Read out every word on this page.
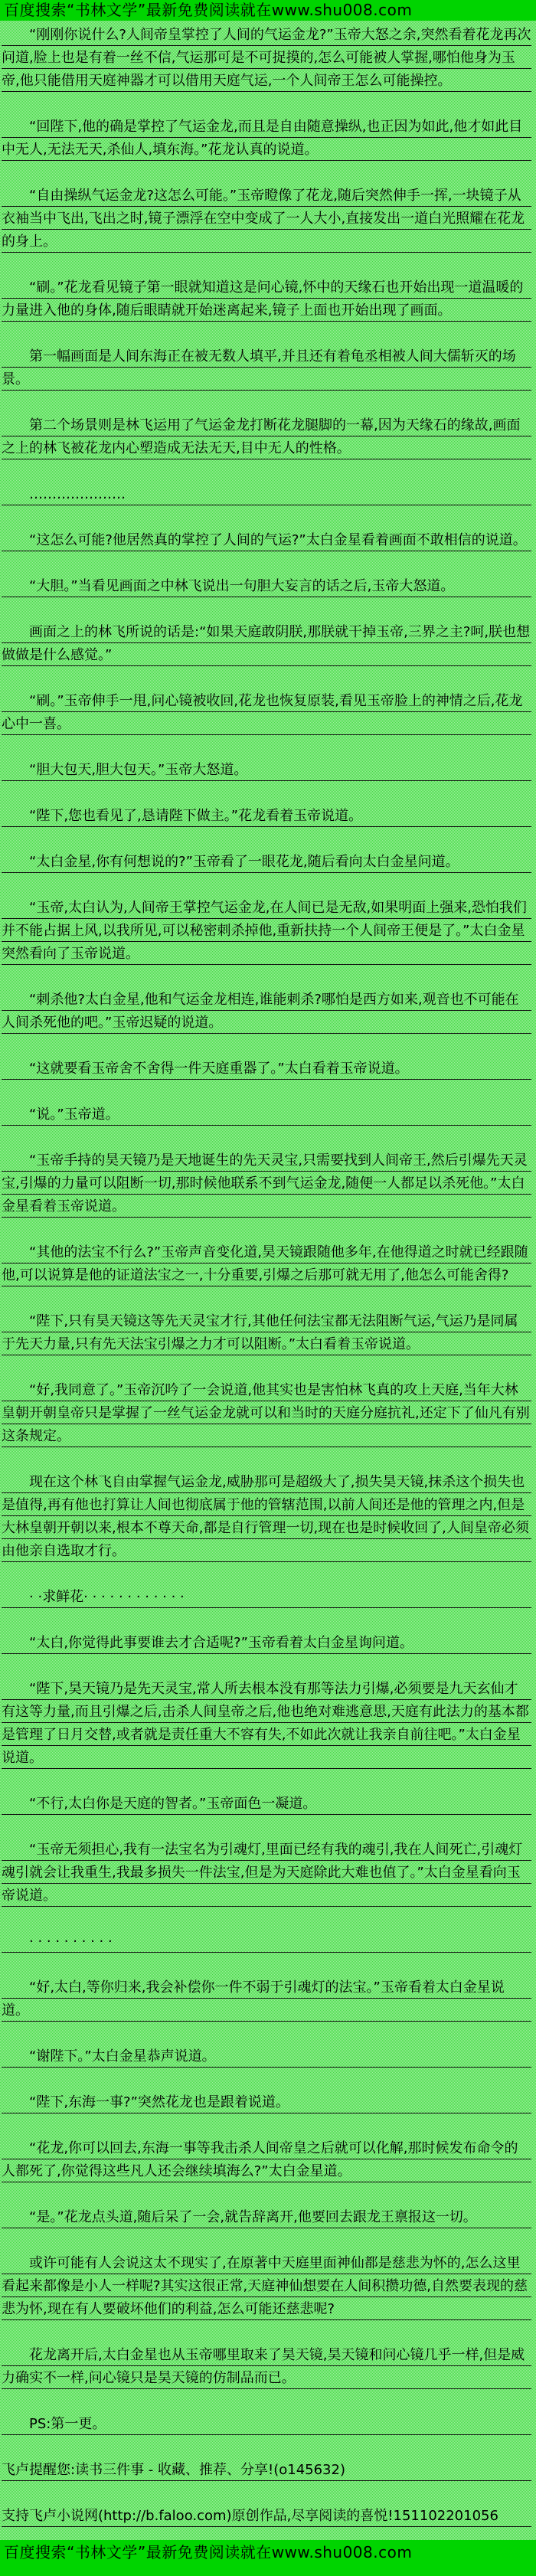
百度搜索“书林文学”最新免费阅读就在www.shu008.com

“刚刚你说什么?人间帝皇掌控了人间的气运金龙?”玉帝大怒之余,突然看着花龙再次问道,脸上也是有着一丝不信,气运那可是不可捉摸的,怎么可能被人掌握,哪怕他身为玉帝,他只能借用天庭神器才可以借用天庭气运,一个人间帝王怎么可能操控。

“回陛下,他的确是掌控了气运金龙,而且是自由随意操纵,也正因为如此,他才如此目中无人,无法无天,杀仙人,填东海。”花龙认真的说道。

“自由操纵气运金龙?这怎么可能。”玉帝瞪像了花龙,随后突然伸手一挥,一块镜子从衣袖当中飞出,飞出之时,镜子漂浮在空中变成了一人大小,直接发出一道白光照耀在花龙的身上。

“刷。”花龙看见镜子第一眼就知道这是问心镜,怀中的天缘石也开始出现一道温暖的力量进入他的身体,随后眼睛就开始迷离起来,镜子上面也开始出现了画面。

第一幅画面是人间东海正在被无数人填平,并且还有着龟丞相被人间大儒斩灭的场景。

第二个场景则是林飞运用了气运金龙打断花龙腿脚的一幕,因为天缘石的缘故,画面之上的林飞被花龙内心塑造成无法无天,目中无人的性格。

…………………

“这怎么可能?他居然真的掌控了人间的气运?”太白金星看着画面不敢相信的说道。

“大胆。”当看见画面之中林飞说出一句胆大妄言的话之后,玉帝大怒道。

画面之上的林飞所说的话是:“如果天庭敢阴朕,那朕就干掉玉帝,三界之主?呵,朕也想做做是什么感觉。”

“刷。”玉帝伸手一甩,问心镜被收回,花龙也恢复原装,看见玉帝脸上的神情之后,花龙心中一喜。

“胆大包天,胆大包天。”玉帝大怒道。

“陛下,您也看见了,恳请陛下做主。”花龙看着玉帝说道。

“太白金星,你有何想说的?”玉帝看了一眼花龙,随后看向太白金星问道。

“玉帝,太白认为,人间帝王掌控气运金龙,在人间已是无敌,如果明面上强来,恐怕我们并不能占据上风,以我所见,可以秘密刺杀掉他,重新扶持一个人间帝王便是了。”太白金星突然看向了玉帝说道。

“刺杀他?太白金星,他和气运金龙相连,谁能刺杀?哪怕是西方如来,观音也不可能在人间杀死他的吧。”玉帝迟疑的说道。

“这就要看玉帝舍不舍得一件天庭重器了。”太白看着玉帝说道。

“说。”玉帝道。

“玉帝手持的昊天镜乃是天地诞生的先天灵宝,只需要找到人间帝王,然后引爆先天灵宝,引爆的力量可以阻断一切,那时候他联系不到气运金龙,随便一人都足以杀死他。”太白金星看着玉帝说道。

“其他的法宝不行么?”玉帝声音变化道,昊天镜跟随他多年,在他得道之时就已经跟随他,可以说算是他的证道法宝之一,十分重要,引爆之后那可就无用了,他怎么可能舍得?

“陛下,只有昊天镜这等先天灵宝才行,其他任何法宝都无法阻断气运,气运乃是同属于先天力量,只有先天法宝引爆之力才可以阻断。”太白看着玉帝说道。

“好,我同意了。”玉帝沉吟了一会说道,他其实也是害怕林飞真的攻上天庭,当年大林皇朝开朝皇帝只是掌握了一丝气运金龙就可以和当时的天庭分庭抗礼,还定下了仙凡有别这条规定。

现在这个林飞自由掌握气运金龙,威胁那可是超级大了,损失昊天镜,抹杀这个损失也是值得,再有他也打算让人间也彻底属于他的管辖范围,以前人间还是他的管理之内,但是大林皇朝开朝以来,根本不尊天命,都是自行管理一切,现在也是时候收回了,人间皇帝必须由他亲自选取才行。

· ·求鲜花· · · · · · · · · · · ·

“太白,你觉得此事要谁去才合适呢?”玉帝看着太白金星询问道。

“陛下,昊天镜乃是先天灵宝,常人所去根本没有那等法力引爆,必须要是九天玄仙才有这等力量,而且引爆之后,击杀人间皇帝之后,他也绝对难逃意思,天庭有此法力的基本都是管理了日月交替,或者就是责任重大不容有失,不如此次就让我亲自前往吧。”太白金星说道。

“不行,太白你是天庭的智者。”玉帝面色一凝道。

“玉帝无须担心,我有一法宝名为引魂灯,里面已经有我的魂引,我在人间死亡,引魂灯魂引就会让我重生,我最多损失一件法宝,但是为天庭除此大难也值了。”太白金星看向玉帝说道。

· · · · · · · · · ·

“好,太白,等你归来,我会补偿你一件不弱于引魂灯的法宝。”玉帝看着太白金星说道。

“谢陛下。”太白金星恭声说道。

“陛下,东海一事?”突然花龙也是跟着说道。

“花龙,你可以回去,东海一事等我击杀人间帝皇之后就可以化解,那时候发布命令的人都死了,你觉得这些凡人还会继续填海么?”太白金星道。

“是。”花龙点头道,随后呆了一会,就告辞离开,他要回去跟龙王禀报这一切。

或许可能有人会说这太不现实了,在原著中天庭里面神仙都是慈悲为怀的,怎么这里看起来都像是小人一样呢?其实这很正常,天庭神仙想要在人间积攒功德,自然要表现的慈悲为怀,现在有人要破坏他们的利益,怎么可能还慈悲呢?

花龙离开后,太白金星也从玉帝哪里取来了昊天镜,昊天镜和问心镜几乎一样,但是威力确实不一样,问心镜只是昊天镜的仿制品而已。

PS:第一更。

飞卢提醒您:读书三件事 - 收藏、推荐、分享!(o145632)

支持飞卢小说网(http://b.faloo.com)原创作品,尽享阅读的喜悦!151102201056

百度搜索“书林文学”最新免费阅读就在www.shu008.com
